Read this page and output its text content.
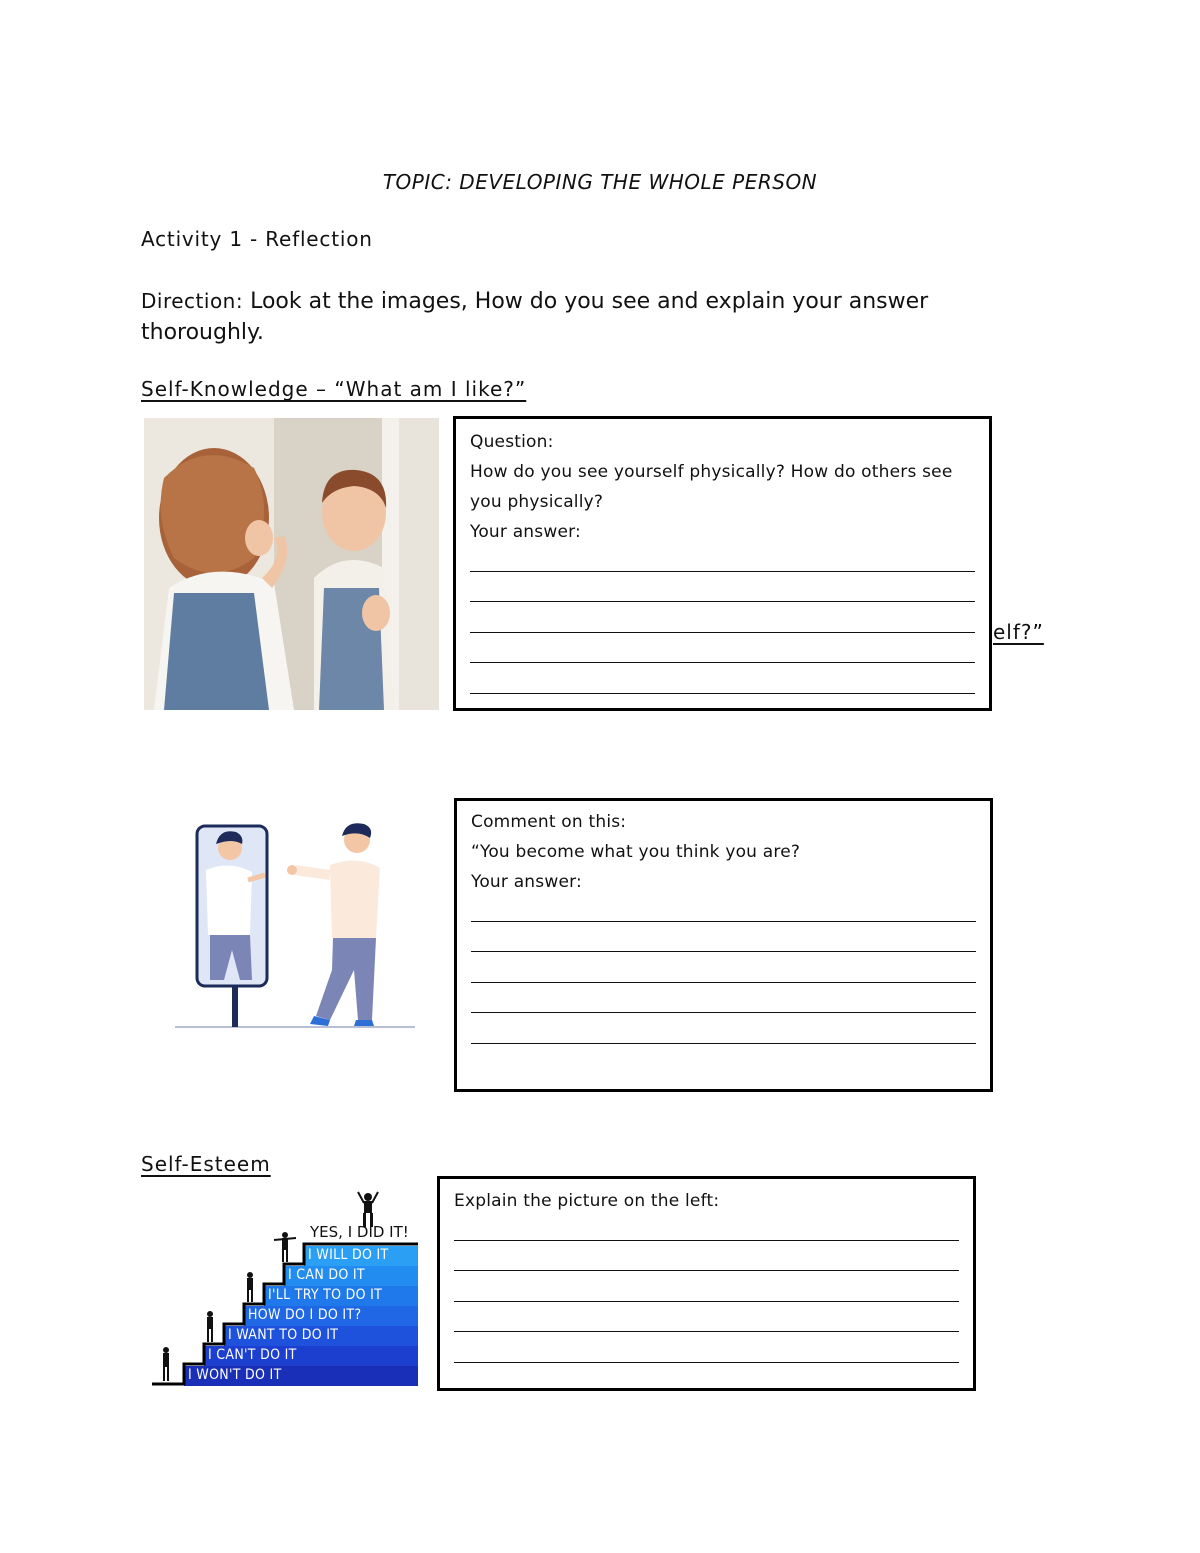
TOPIC: DEVELOPING THE WHOLE PERSON
Activity 1 - Reflection
Direction: Look at the images, How do you see and explain your answer thoroughly.
Self-Knowledge – “What am I like?”
Question:
How do you see yourself physically? How do others see you physically?
Your answer:
elf?”
Comment on this:
“You become what you think you are?
Your answer:
Self-Esteem
YES, I DID IT!
I WILL DO IT
I CAN DO IT
I'LL TRY TO DO IT
HOW DO I DO IT?
I WANT TO DO IT
I CAN'T DO IT
I WON'T DO IT
Explain the picture on the left:
